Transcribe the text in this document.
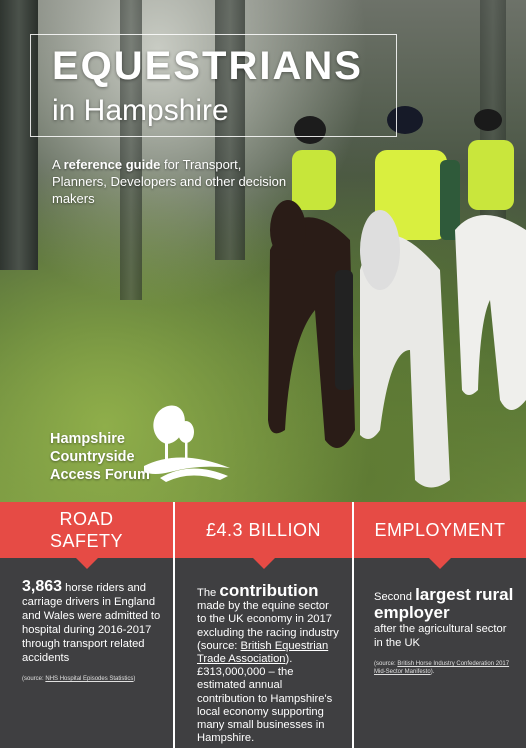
EQUESTRIANS
in Hampshire
A reference guide for Transport, Planners, Developers and other decision makers
Hampshire
Countryside
Access Forum
ROAD SAFETY
3,863 horse riders and carriage drivers in England and Wales were admitted to hospital during 2016-2017 through transport related accidents
(source: NHS Hospital Episodes Statistics)
£4.3 BILLION
The contribution made by the equine sector to the UK economy in 2017 excluding the racing industry (source: British Equestrian Trade Association). £313,000,000 – the estimated annual contribution to Hampshire's local economy supporting many small businesses in Hampshire.
EMPLOYMENT
Second largest rural employer
after the agricultural sector in the UK
(source: British Horse Industry Confederation 2017 Mid-Sector Manifesto).
